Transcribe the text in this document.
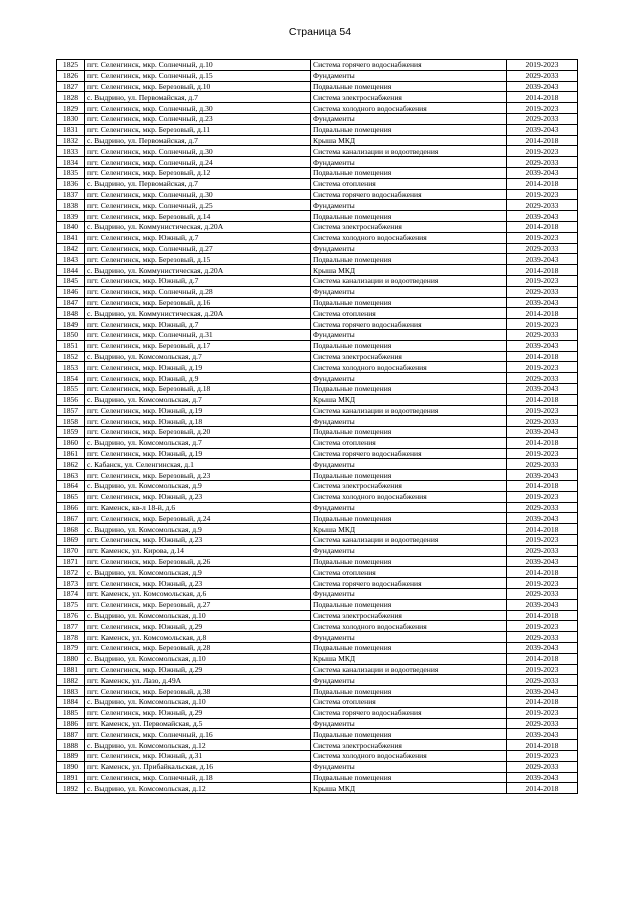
Страница 54
1825	пгт. Селенгинск, мкр. Солнечный, д.10	Система горячего водоснабжения	2019-2023
1826	пгт. Селенгинск, мкр. Солнечный, д.15	Фундаменты	2029-2033
1827	пгт. Селенгинск, мкр. Березовый, д.10	Подвальные помещения	2039-2043
1828	с. Выдрино, ул. Первомайская, д.7	Система электроснабжения	2014-2018
1829	пгт. Селенгинск, мкр. Солнечный, д.30	Система холодного водоснабжения	2019-2023
1830	пгт. Селенгинск, мкр. Солнечный, д.23	Фундаменты	2029-2033
1831	пгт. Селенгинск, мкр. Березовый, д.11	Подвальные помещения	2039-2043
1832	с. Выдрино, ул. Первомайская, д.7	Крыша МКД	2014-2018
1833	пгт. Селенгинск, мкр. Солнечный, д.30	Система канализации и водоотведения	2019-2023
1834	пгт. Селенгинск, мкр. Солнечный, д.24	Фундаменты	2029-2033
1835	пгт. Селенгинск, мкр. Березовый, д.12	Подвальные помещения	2039-2043
1836	с. Выдрино, ул. Первомайская, д.7	Система отопления	2014-2018
1837	пгт. Селенгинск, мкр. Солнечный, д.30	Система горячего водоснабжения	2019-2023
1838	пгт. Селенгинск, мкр. Солнечный, д.25	Фундаменты	2029-2033
1839	пгт. Селенгинск, мкр. Березовый, д.14	Подвальные помещения	2039-2043
1840	с. Выдрино, ул. Коммунистическая, д.20А	Система электроснабжения	2014-2018
1841	пгт. Селенгинск, мкр. Южный, д.7	Система холодного водоснабжения	2019-2023
1842	пгт. Селенгинск, мкр. Солнечный, д.27	Фундаменты	2029-2033
1843	пгт. Селенгинск, мкр. Березовый, д.15	Подвальные помещения	2039-2043
1844	с. Выдрино, ул. Коммунистическая, д.20А	Крыша МКД	2014-2018
1845	пгт. Селенгинск, мкр. Южный, д.7	Система канализации и водоотведения	2019-2023
1846	пгт. Селенгинск, мкр. Солнечный, д.28	Фундаменты	2029-2033
1847	пгт. Селенгинск, мкр. Березовый, д.16	Подвальные помещения	2039-2043
1848	с. Выдрино, ул. Коммунистическая, д.20А	Система отопления	2014-2018
1849	пгт. Селенгинск, мкр. Южный, д.7	Система горячего водоснабжения	2019-2023
1850	пгт. Селенгинск, мкр. Солнечный, д.31	Фундаменты	2029-2033
1851	пгт. Селенгинск, мкр. Березовый, д.17	Подвальные помещения	2039-2043
1852	с. Выдрино, ул. Комсомольская, д.7	Система электроснабжения	2014-2018
1853	пгт. Селенгинск, мкр. Южный, д.19	Система холодного водоснабжения	2019-2023
1854	пгт. Селенгинск, мкр. Южный, д.9	Фундаменты	2029-2033
1855	пгт. Селенгинск, мкр. Березовый, д.18	Подвальные помещения	2039-2043
1856	с. Выдрино, ул. Комсомольская, д.7	Крыша МКД	2014-2018
1857	пгт. Селенгинск, мкр. Южный, д.19	Система канализации и водоотведения	2019-2023
1858	пгт. Селенгинск, мкр. Южный, д.18	Фундаменты	2029-2033
1859	пгт. Селенгинск, мкр. Березовый, д.20	Подвальные помещения	2039-2043
1860	с. Выдрино, ул. Комсомольская, д.7	Система отопления	2014-2018
1861	пгт. Селенгинск, мкр. Южный, д.19	Система горячего водоснабжения	2019-2023
1862	с. Кабанск, ул. Селенгинская, д.1	Фундаменты	2029-2033
1863	пгт. Селенгинск, мкр. Березовый, д.23	Подвальные помещения	2039-2043
1864	с. Выдрино, ул. Комсомольская, д.9	Система электроснабжения	2014-2018
1865	пгт. Селенгинск, мкр. Южный, д.23	Система холодного водоснабжения	2019-2023
1866	пгт. Каменск, кв-л 18-й, д.6	Фундаменты	2029-2033
1867	пгт. Селенгинск, мкр. Березовый, д.24	Подвальные помещения	2039-2043
1868	с. Выдрино, ул. Комсомольская, д.9	Крыша МКД	2014-2018
1869	пгт. Селенгинск, мкр. Южный, д.23	Система канализации и водоотведения	2019-2023
1870	пгт. Каменск, ул. Кирова, д.14	Фундаменты	2029-2033
1871	пгт. Селенгинск, мкр. Березовый, д.26	Подвальные помещения	2039-2043
1872	с. Выдрино, ул. Комсомольская, д.9	Система отопления	2014-2018
1873	пгт. Селенгинск, мкр. Южный, д.23	Система горячего водоснабжения	2019-2023
1874	пгт. Каменск, ул. Комсомольская, д.6	Фундаменты	2029-2033
1875	пгт. Селенгинск, мкр. Березовый, д.27	Подвальные помещения	2039-2043
1876	с. Выдрино, ул. Комсомольская, д.10	Система электроснабжения	2014-2018
1877	пгт. Селенгинск, мкр. Южный, д.29	Система холодного водоснабжения	2019-2023
1878	пгт. Каменск, ул. Комсомольская, д.8	Фундаменты	2029-2033
1879	пгт. Селенгинск, мкр. Березовый, д.28	Подвальные помещения	2039-2043
1880	с. Выдрино, ул. Комсомольская, д.10	Крыша МКД	2014-2018
1881	пгт. Селенгинск, мкр. Южный, д.29	Система канализации и водоотведения	2019-2023
1882	пгт. Каменск, ул. Лазо, д.49А	Фундаменты	2029-2033
1883	пгт. Селенгинск, мкр. Березовый, д.38	Подвальные помещения	2039-2043
1884	с. Выдрино, ул. Комсомольская, д.10	Система отопления	2014-2018
1885	пгт. Селенгинск, мкр. Южный, д.29	Система горячего водоснабжения	2019-2023
1886	пгт. Каменск, ул. Первомайская, д.5	Фундаменты	2029-2033
1887	пгт. Селенгинск, мкр. Солнечный, д.16	Подвальные помещения	2039-2043
1888	с. Выдрино, ул. Комсомольская, д.12	Система электроснабжения	2014-2018
1889	пгт. Селенгинск, мкр. Южный, д.31	Система холодного водоснабжения	2019-2023
1890	пгт. Каменск, ул. Прибайкальская, д.16	Фундаменты	2029-2033
1891	пгт. Селенгинск, мкр. Солнечный, д.18	Подвальные помещения	2039-2043
1892	с. Выдрино, ул. Комсомольская, д.12	Крыша МКД	2014-2018
